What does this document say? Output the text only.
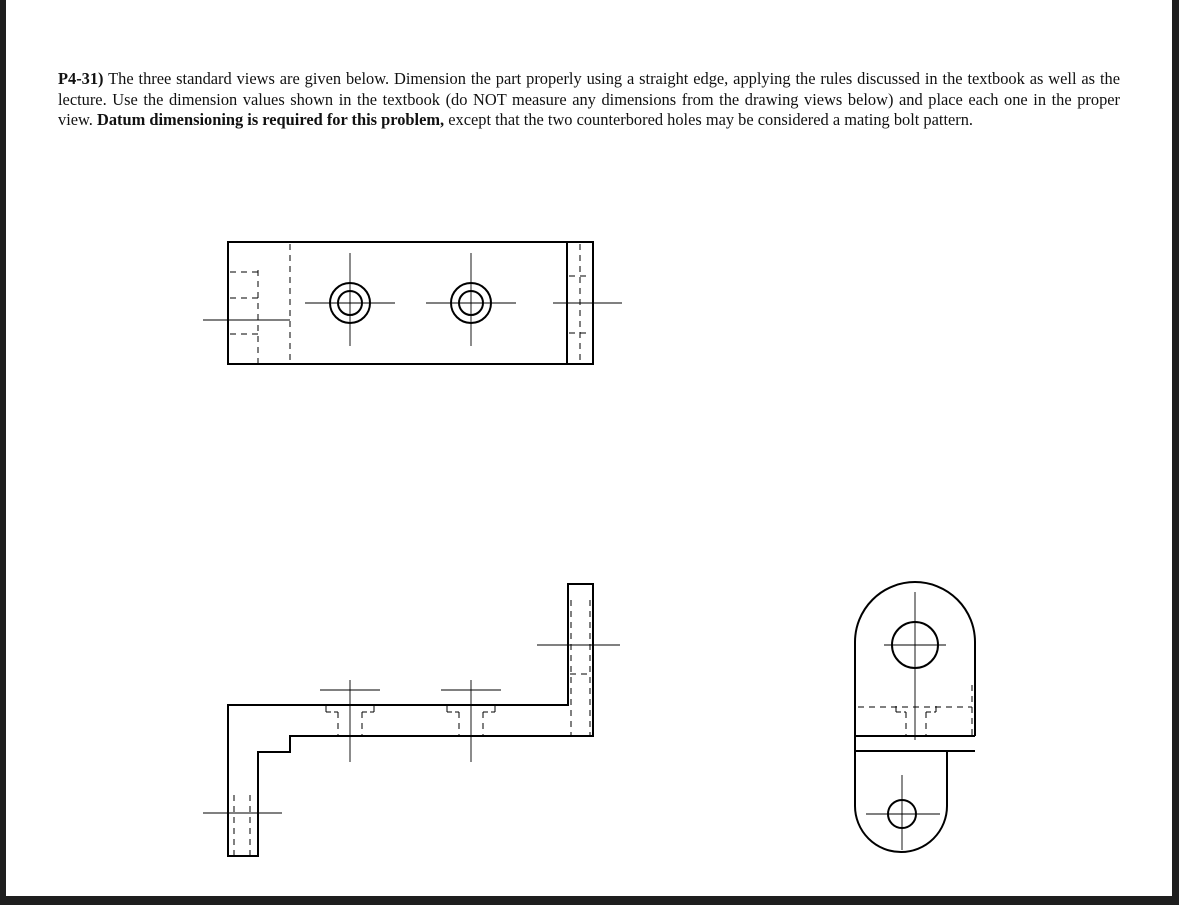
P4-31) The three standard views are given below. Dimension the part properly using a straight edge, applying the rules discussed in the textbook as well as the lecture. Use the dimension values shown in the textbook (do NOT measure any dimensions from the drawing views below) and place each one in the proper view. Datum dimensioning is required for this problem, except that the two counterbored holes may be considered a mating bolt pattern.
